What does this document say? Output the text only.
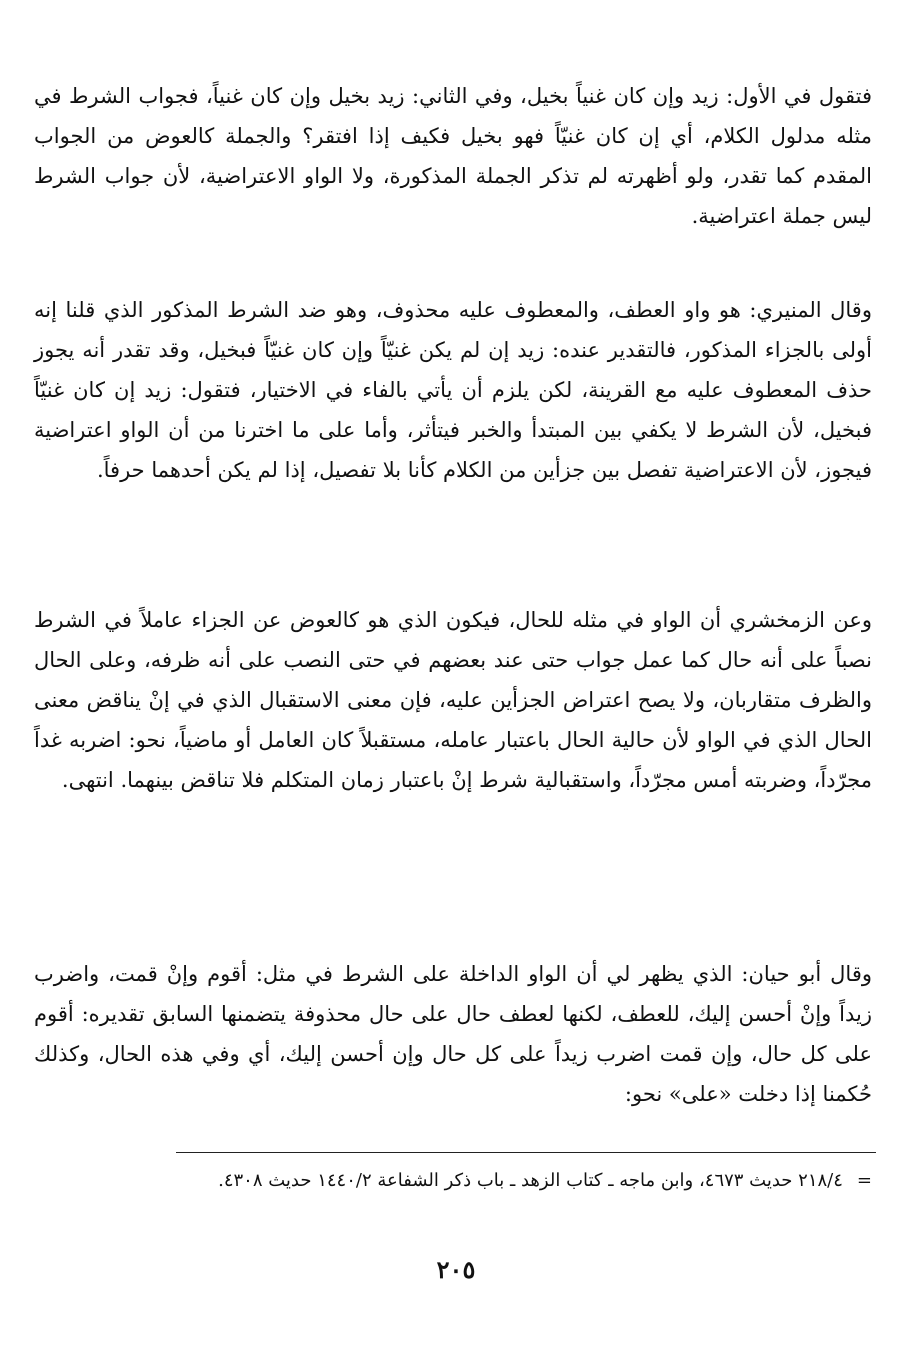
فتقول في الأول: زيد وإن كان غنياً بخيل، وفي الثاني: زيد بخيل وإن كان غنياً، فجواب الشرط في مثله مدلول الكلام، أي إن كان غنيّاً فهو بخيل فكيف إذا افتقر؟ والجملة كالعوض من الجواب المقدم كما تقدر، ولو أظهرته لم تذكر الجملة المذكورة، ولا الواو الاعتراضية، لأن جواب الشرط ليس جملة اعتراضية.

وقال المنيري: هو واو العطف، والمعطوف عليه محذوف، وهو ضد الشرط المذكور الذي قلنا إنه أولى بالجزاء المذكور، فالتقدير عنده: زيد إن لم يكن غنيّاً وإن كان غنيّاً فبخيل، وقد تقدر أنه يجوز حذف المعطوف عليه مع القرينة، لكن يلزم أن يأتي بالفاء في الاختيار، فتقول: زيد إن كان غنيّاً فبخيل، لأن الشرط لا يكفي بين المبتدأ والخبر فيتأثر، وأما على ما اخترنا من أن الواو اعتراضية فيجوز، لأن الاعتراضية تفصل بين جزأين من الكلام كأنا بلا تفصيل، إذا لم يكن أحدهما حرفاً.

وعن الزمخشري أن الواو في مثله للحال، فيكون الذي هو كالعوض عن الجزاء عاملاً في الشرط نصباً على أنه حال كما عمل جواب حتى عند بعضهم في حتى النصب على أنه ظرفه، وعلى الحال والظرف متقاربان، ولا يصح اعتراض الجزأين عليه، فإن معنى الاستقبال الذي في إنْ يناقض معنى الحال الذي في الواو لأن حالية الحال باعتبار عامله، مستقبلاً كان العامل أو ماضياً، نحو: اضربه غداً مجرّداً، وضربته أمس مجرّداً، واستقبالية شرط إنْ باعتبار زمان المتكلم فلا تناقض بينهما. انتهى.

وقال أبو حيان: الذي يظهر لي أن الواو الداخلة على الشرط في مثل: أقوم وإنْ قمت، واضرب زيداً وإنْ أحسن إليك، للعطف، لكنها لعطف حال على حال محذوفة يتضمنها السابق تقديره: أقوم على كل حال، وإن قمت اضرب زيداً على كل حال وإن أحسن إليك، أي وفي هذه الحال، وكذلك حُكمنا إذا دخلت «على» نحو:

=٢١٨/٤ حديث ٤٦٧٣، وابن ماجه ـ كتاب الزهد ـ باب ذكر الشفاعة ١٤٤٠/٢ حديث ٤٣٠٨.

٢٠٥
